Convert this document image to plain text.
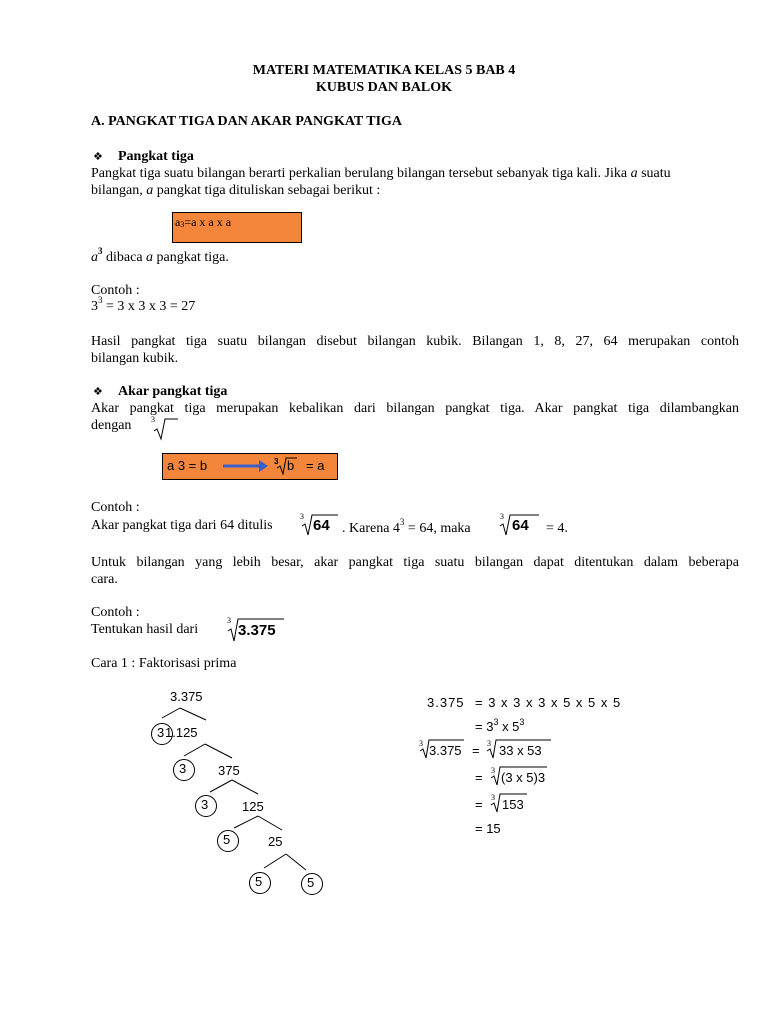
MATERI MATEMATIKA KELAS 5 BAB 4
KUBUS DAN BALOK
A. PANGKAT TIGA DAN AKAR PANGKAT TIGA
❖ Pangkat tiga
Pangkat tiga suatu bilangan berarti perkalian berulang bilangan tersebut sebanyak tiga kali. Jika a suatu
bilangan, a pangkat tiga dituliskan sebagai berikut :
a3=a x a x a
$a^3$ dibaca a pangkat tiga.
Contoh :
$3^3 = 3$ x 3 x 3 = 27
Hasil pangkat tiga suatu bilangan disebut bilangan kubik. Bilangan 1, 8, 27, 64 merupakan contoh
bilangan kubik.
❖ Akar pangkat tiga
Akar pangkat tiga merupakan kebalikan dari bilangan pangkat tiga. Akar pangkat tiga dilambangkan
dengan 3
a 3 = b	3 b = a
Contoh :
Akar pangkat tiga dari 64 ditulis
3
64 . Karena $4^3 = 64$, maka
3
64 = 4.
Untuk bilangan yang lebih besar, akar pangkat tiga suatu bilangan dapat ditentukan dalam beberapa
cara.
Contoh :
Tentukan hasil dari
3
3.375
Cara 1 : Faktorisasi prima
3.375
3 1.125
3 375
3	125
5	25
5	5
3.375 = 3 x 3 x 3 x 5 x 5 x 5
= $3^3$ x $5^3$
3 3.375 = 3 33 x 53
= 3 (3 x 5)3
= 3 153
= 15
